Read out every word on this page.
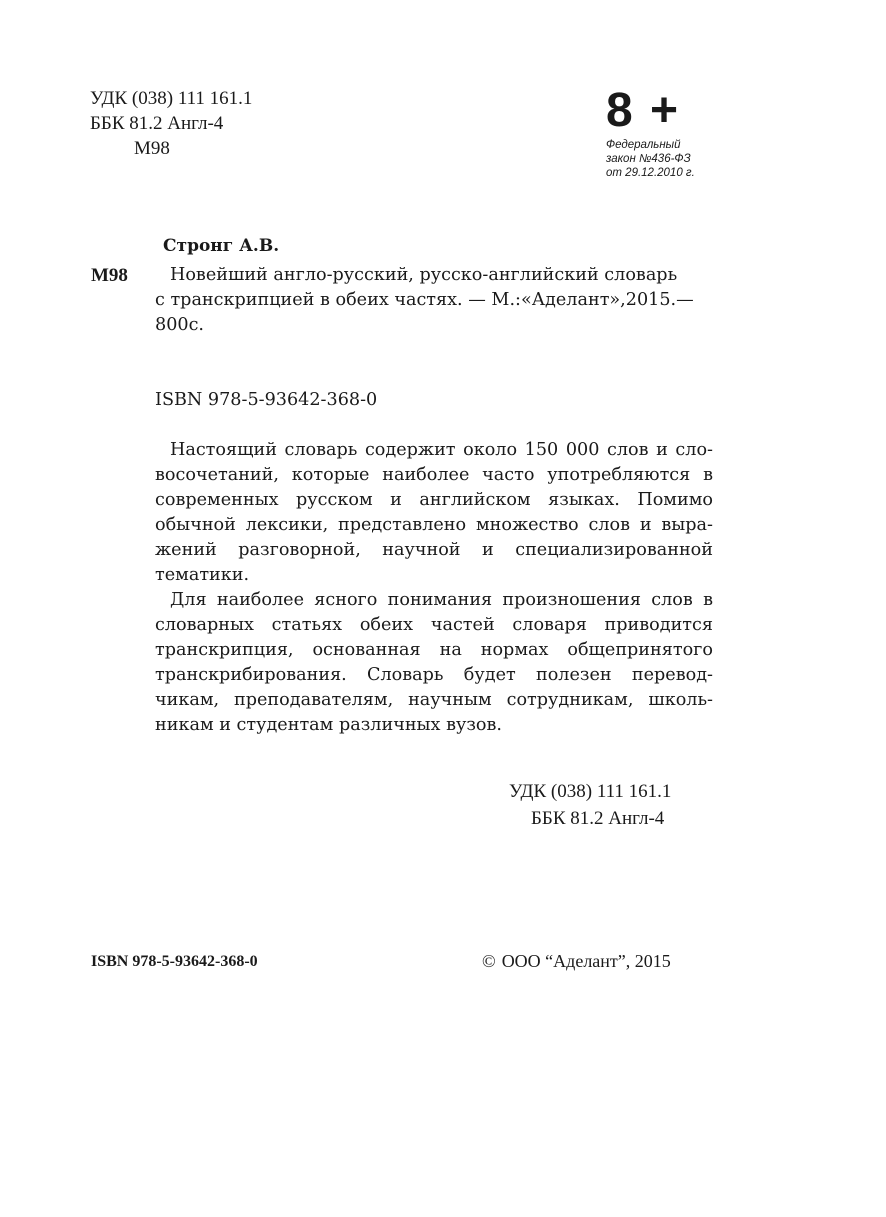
УДК (038) 111 161.1
ББК 81.2 Англ-4
М98
8 +
Федеральный
закон №436-ФЗ
от 29.12.2010 г.
Стронг А.В.
М98	Новейший англо-русский, русско-английский словарь
с транскрипцией в обеих частях. — М.:«Аделант»,2015.—
800с.
ISBN 978-5-93642-368-0
Настоящий словарь содержит около 150 000 слов и сло-
восочетаний, которые наиболее часто употребляются в
современных русском и английском языках. Помимо
обычной лексики, представлено множество слов и выра-
жений разговорной, научной и специализированной
тематики.
Для наиболее ясного понимания произношения слов в
словарных статьях обеих частей словаря приводится
транскрипция, основанная на нормах общепринятого
транскрибирования. Словарь будет полезен перевод-
чикам, преподавателям, научным сотрудникам, школь-
никам и студентам различных вузов.
УДК (038) 111 161.1
ББК 81.2 Англ-4
ISBN 978-5-93642-368-0	© ООО “Аделант”, 2015
